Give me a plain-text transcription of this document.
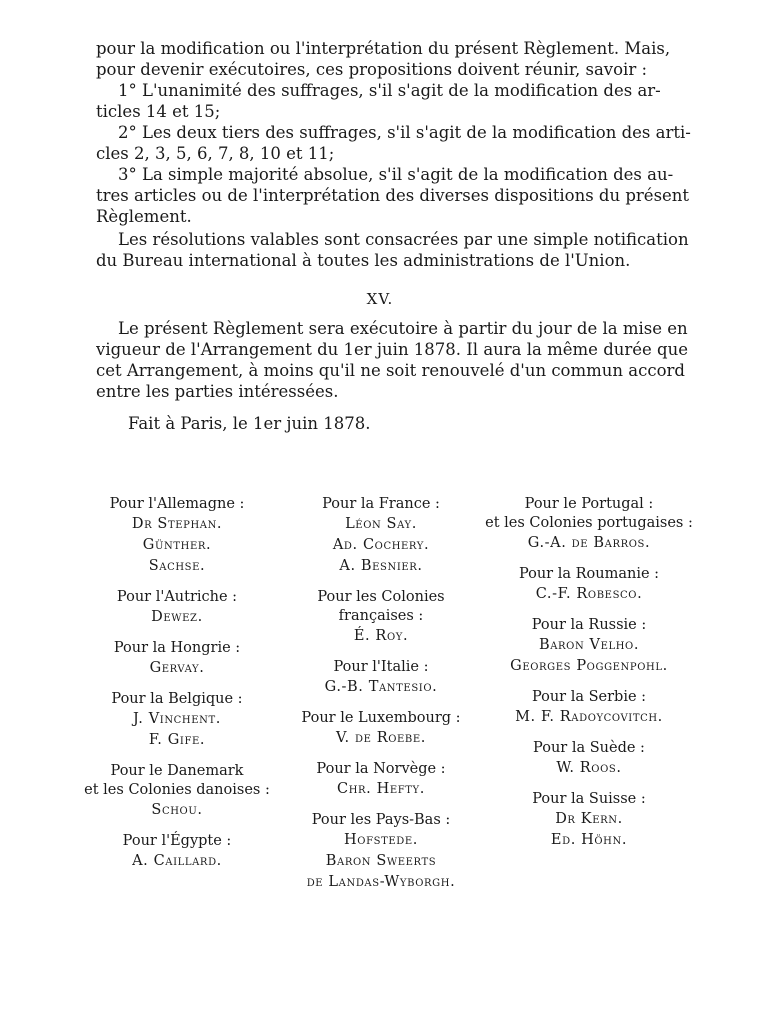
pour la modification ou l'interprétation du présent Règlement. Mais,
pour devenir exécutoires, ces propositions doivent réunir, savoir :
1° L'unanimité des suffrages, s'il s'agit de la modification des ar-
ticles 14 et 15;
2° Les deux tiers des suffrages, s'il s'agit de la modification des arti-
cles 2, 3, 5, 6, 7, 8, 10 et 11;
3° La simple majorité absolue, s'il s'agit de la modification des au-
tres articles ou de l'interprétation des diverses dispositions du présent
Règlement.
Les résolutions valables sont consacrées par une simple notification
du Bureau international à toutes les administrations de l'Union.
XV.
Le présent Règlement sera exécutoire à partir du jour de la mise en
vigueur de l'Arrangement du 1er juin 1878. Il aura la même durée que
cet Arrangement, à moins qu'il ne soit renouvelé d'un commun accord
entre les parties intéressées.
Fait à Paris, le 1er juin 1878.
Pour l'Allemagne :
Dr Stephan.
Günther.
Sachse.
Pour l'Autriche :
Dewez.
Pour la Hongrie :
Gervay.
Pour la Belgique :
J. Vinchent.
F. Gife.
Pour le Danemark
et les Colonies danoises :
Schou.
Pour l'Égypte :
A. Caillard.
Pour la France :
Léon Say.
Ad. Cochery.
A. Besnier.
Pour les Colonies
françaises :
É. Roy.
Pour l'Italie :
G.-B. Tantesio.
Pour le Luxembourg :
V. de Roebe.
Pour la Norvège :
Chr. Hefty.
Pour les Pays-Bas :
Hofstede.
Baron Sweerts
de Landas-Wyborgh.
Pour le Portugal :
et les Colonies portugaises :
G.-A. de Barros.
Pour la Roumanie :
C.-F. Robesco.
Pour la Russie :
Baron Velho.
Georges Poggenpohl.
Pour la Serbie :
M. F. Radoycovitch.
Pour la Suède :
W. Roos.
Pour la Suisse :
Dr Kern.
Ed. Höhn.
